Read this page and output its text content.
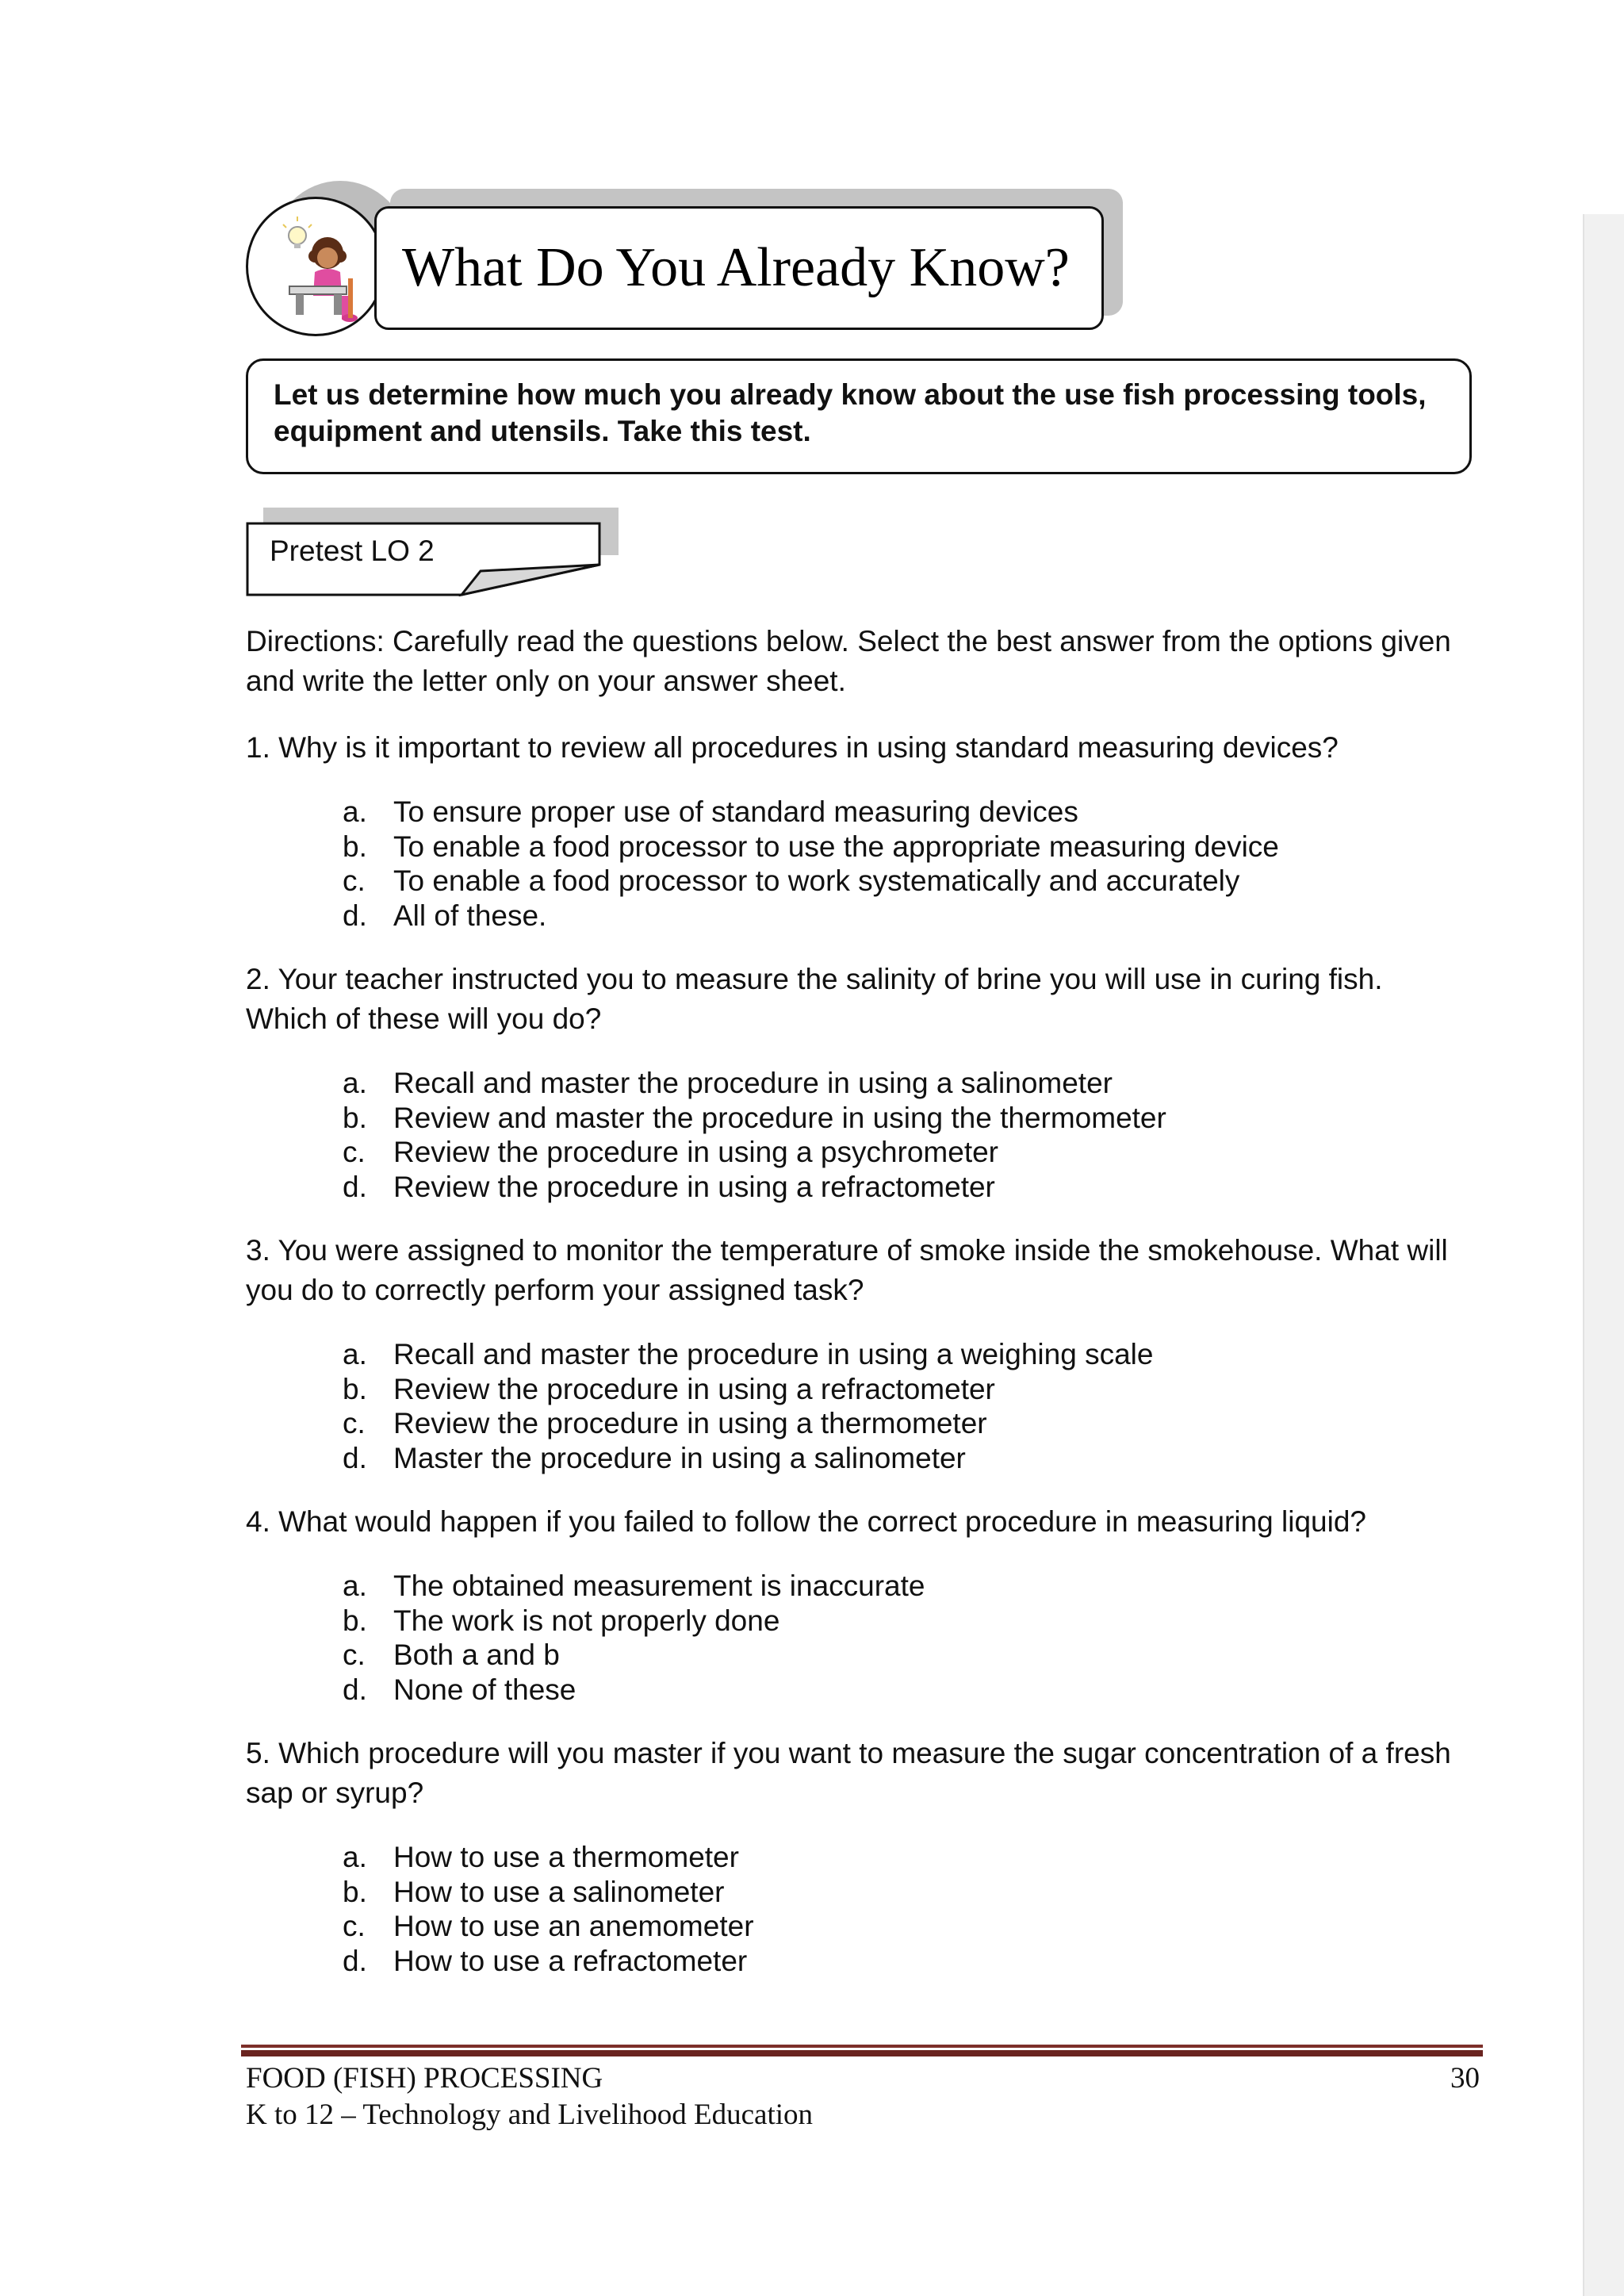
What Do You Already Know?

Let us determine how much you already know about the use fish processing tools, equipment and utensils. Take this test.

Pretest LO 2

Directions: Carefully read the questions below. Select the best answer from the options given and write the letter only on your answer sheet.

1. Why is it important to review all procedures in using standard measuring devices?

a. To ensure proper use of standard measuring devices
b. To enable a food processor to use the appropriate measuring device
c. To enable a food processor to work systematically and accurately
d. All of these.

2. Your teacher instructed you to measure the salinity of brine you will use in curing fish. Which of these will you do?

a. Recall and master the procedure in using a salinometer
b. Review and master the procedure in using the thermometer
c. Review the procedure in using a psychrometer
d. Review the procedure in using a refractometer

3. You were assigned to monitor the temperature of smoke inside the smokehouse. What will you do to correctly perform your assigned task?

a. Recall and master the procedure in using a weighing scale
b. Review the procedure in using a refractometer
c. Review the procedure in using a thermometer
d. Master the procedure in using a salinometer

4. What would happen if you failed to follow the correct procedure in measuring liquid?

a. The obtained measurement is inaccurate
b. The work is not properly done
c. Both a and b
d. None of these

5. Which procedure will you master if you want to measure the sugar concentration of a fresh sap or syrup?

a. How to use a thermometer
b. How to use a salinometer
c. How to use an anemometer
d. How to use a refractometer
FOOD (FISH) PROCESSING
K to 12 – Technology and Livelihood Education
30
